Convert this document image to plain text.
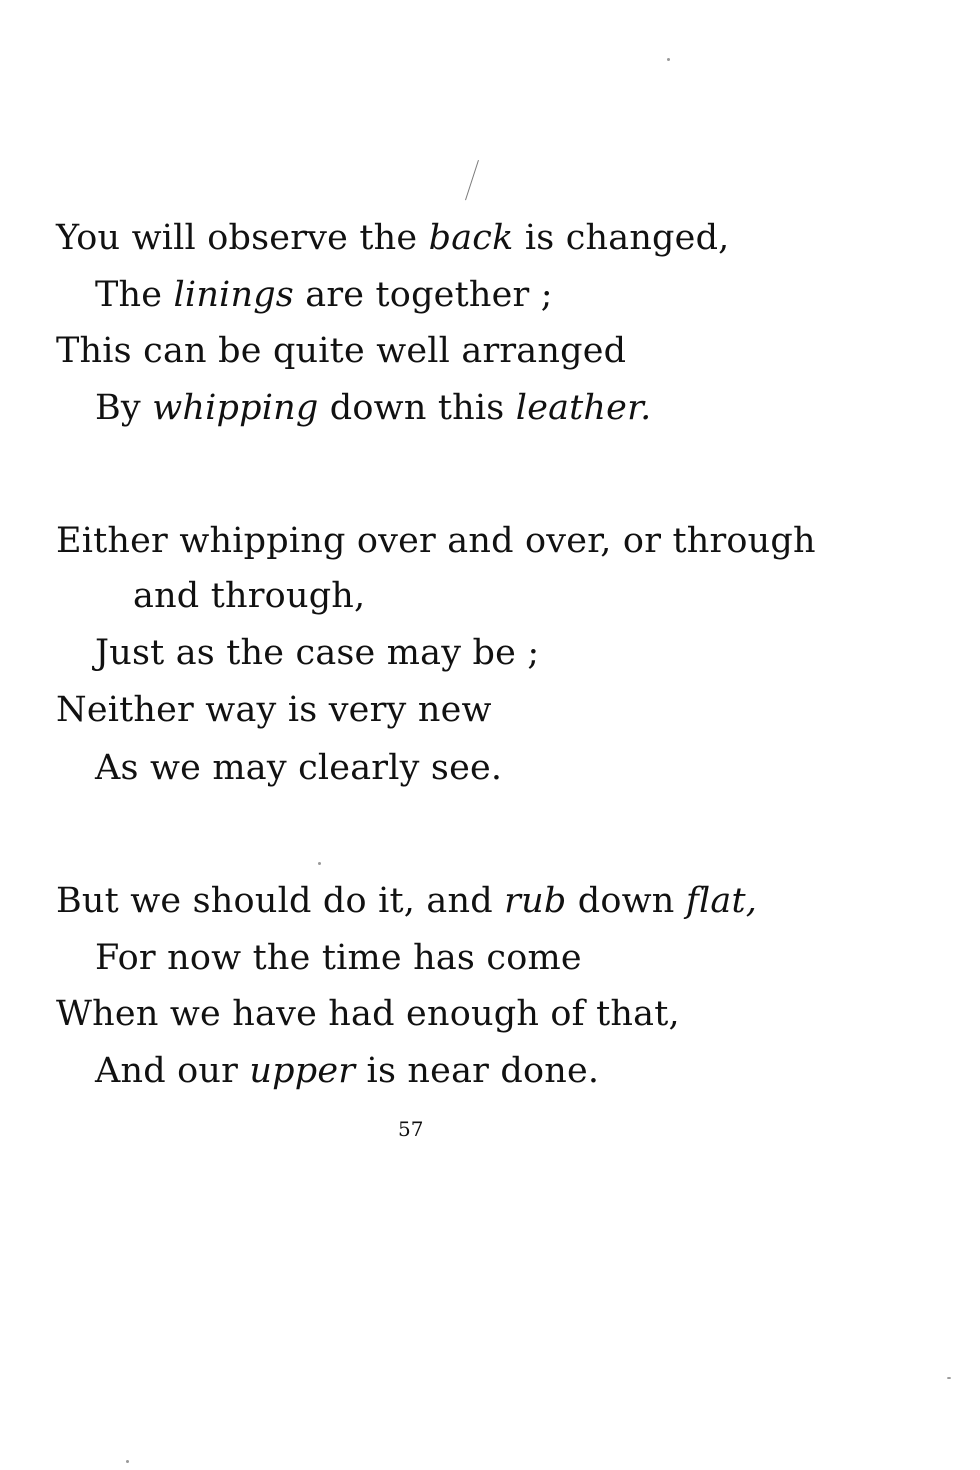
You will observe the back is changed,
The linings are together ;
This can be quite well arranged
By whipping down this leather.
Either whipping over and over, or through
and through,
Just as the case may be ;
Neither way is very new
As we may clearly see.
But we should do it, and rub down flat,
For now the time has come
When we have had enough of that,
And our upper is near done.
57
